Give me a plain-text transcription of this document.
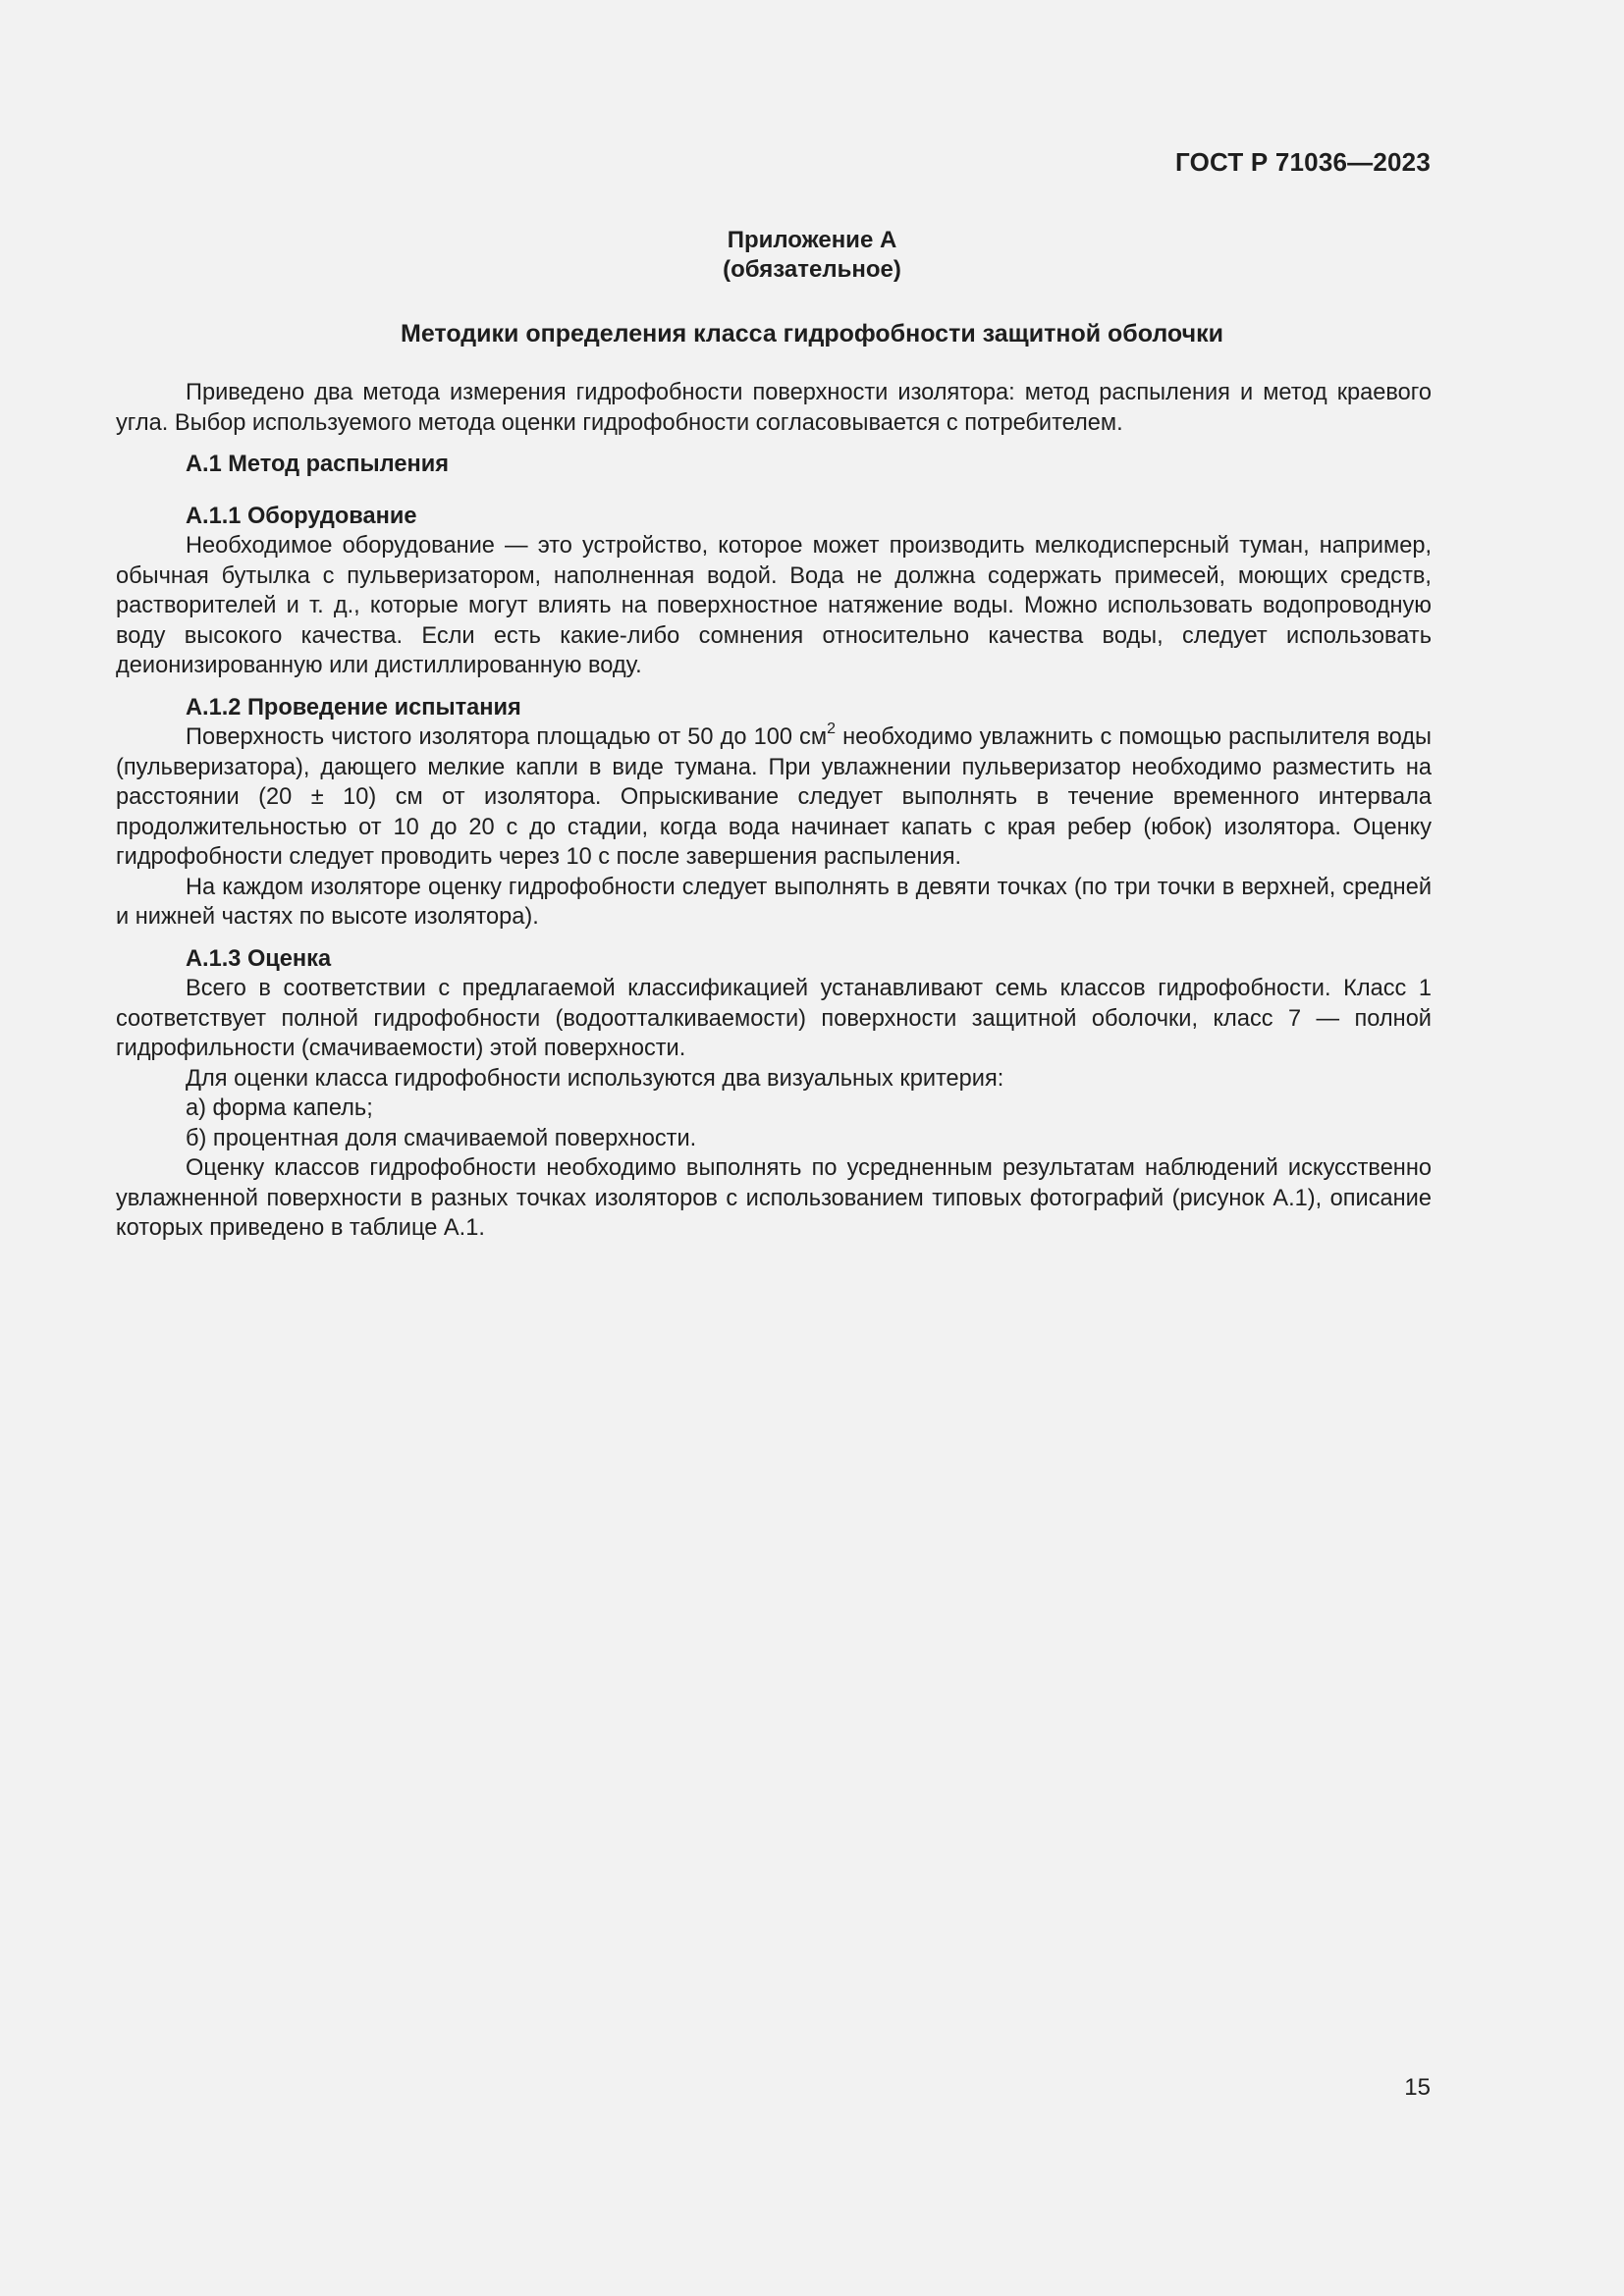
ГОСТ Р 71036—2023
Приложение А
(обязательное)
Методики определения класса гидрофобности защитной оболочки

Приведено два метода измерения гидрофобности поверхности изолятора: метод распыления и метод краевого угла. Выбор используемого метода оценки гидрофобности согласовывается с потребителем.

А.1 Метод распыления

А.1.1 Оборудование

Необходимое оборудование — это устройство, которое может производить мелкодисперсный туман, например, обычная бутылка с пульверизатором, наполненная водой. Вода не должна содержать примесей, моющих средств, растворителей и т. д., которые могут влиять на поверхностное натяжение воды. Можно использовать водопроводную воду высокого качества. Если есть какие-либо сомнения относительно качества воды, следует использовать деионизированную или дистиллированную воду.

А.1.2 Проведение испытания

Поверхность чистого изолятора площадью от 50 до 100 $см^2$ необходимо увлажнить с помощью распылителя воды (пульверизатора), дающего мелкие капли в виде тумана. При увлажнении пульверизатор необходимо разместить на расстоянии (20 ± 10) см от изолятора. Опрыскивание следует выполнять в течение временного интервала продолжительностью от 10 до 20 с до стадии, когда вода начинает капать с края ребер (юбок) изолятора. Оценку гидрофобности следует проводить через 10 с после завершения распыления.

На каждом изоляторе оценку гидрофобности следует выполнять в девяти точках (по три точки в верхней, средней и нижней частях по высоте изолятора).

А.1.3 Оценка

Всего в соответствии с предлагаемой классификацией устанавливают семь классов гидрофобности. Класс 1 соответствует полной гидрофобности (водоотталкиваемости) поверхности защитной оболочки, класс 7 — полной гидрофильности (смачиваемости) этой поверхности.

Для оценки класса гидрофобности используются два визуальных критерия:

а) форма капель;

б) процентная доля смачиваемой поверхности.

Оценку классов гидрофобности необходимо выполнять по усредненным результатам наблюдений искусственно увлажненной поверхности в разных точках изоляторов с использованием типовых фотографий (рисунок А.1), описание которых приведено в таблице А.1.

15
